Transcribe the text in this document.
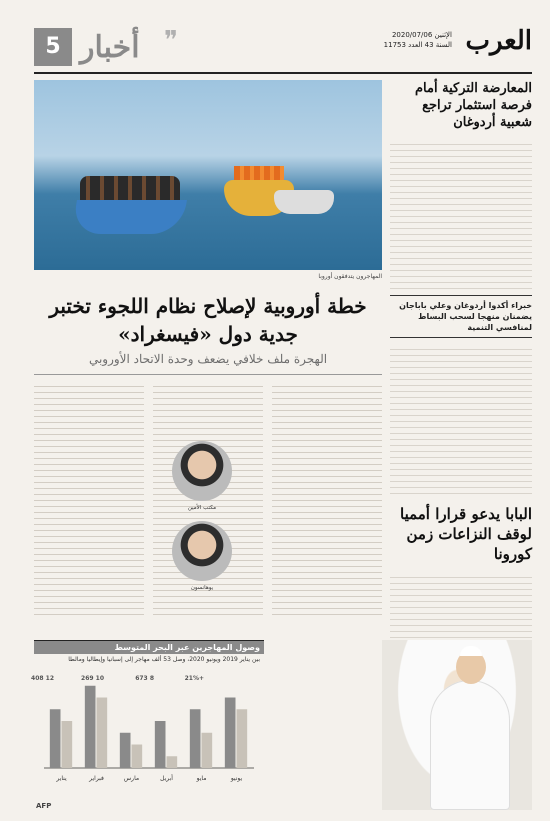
العرب
الإثنين 2020/07/06
السنة 43 العدد 11753
❞
أخبار
5
المعارضة التركية أمام فرصة استثمار تراجع شعبية أردوغان
خبراء أكدوا أردوغان وعلي باباجان يضمنان منهجا لسحب البساط لمنافسي التنمية
البابا يدعو قرارا أمميا لوقف النزاعات زمن كورونا
المهاجرون يتدفقون أوروبا
خطة أوروبية لإصلاح نظام اللجوء تختبر جدية دول «فيسغراد»
الهجرة ملف خلافي يضعف وحدة الاتحاد الأوروبي
مكتب الأمين
يوهانسون
وصول المهاجرين عبر البحر المتوسط
بين يناير 2019 ويونيو 2020، وصل 53 ألف مهاجر إلى إسبانيا وإيطاليا ومالطا
يناير	فبراير	مارس	أبريل	مايو	يونيو
12 408	10 269	8 673	+21%
AFP
